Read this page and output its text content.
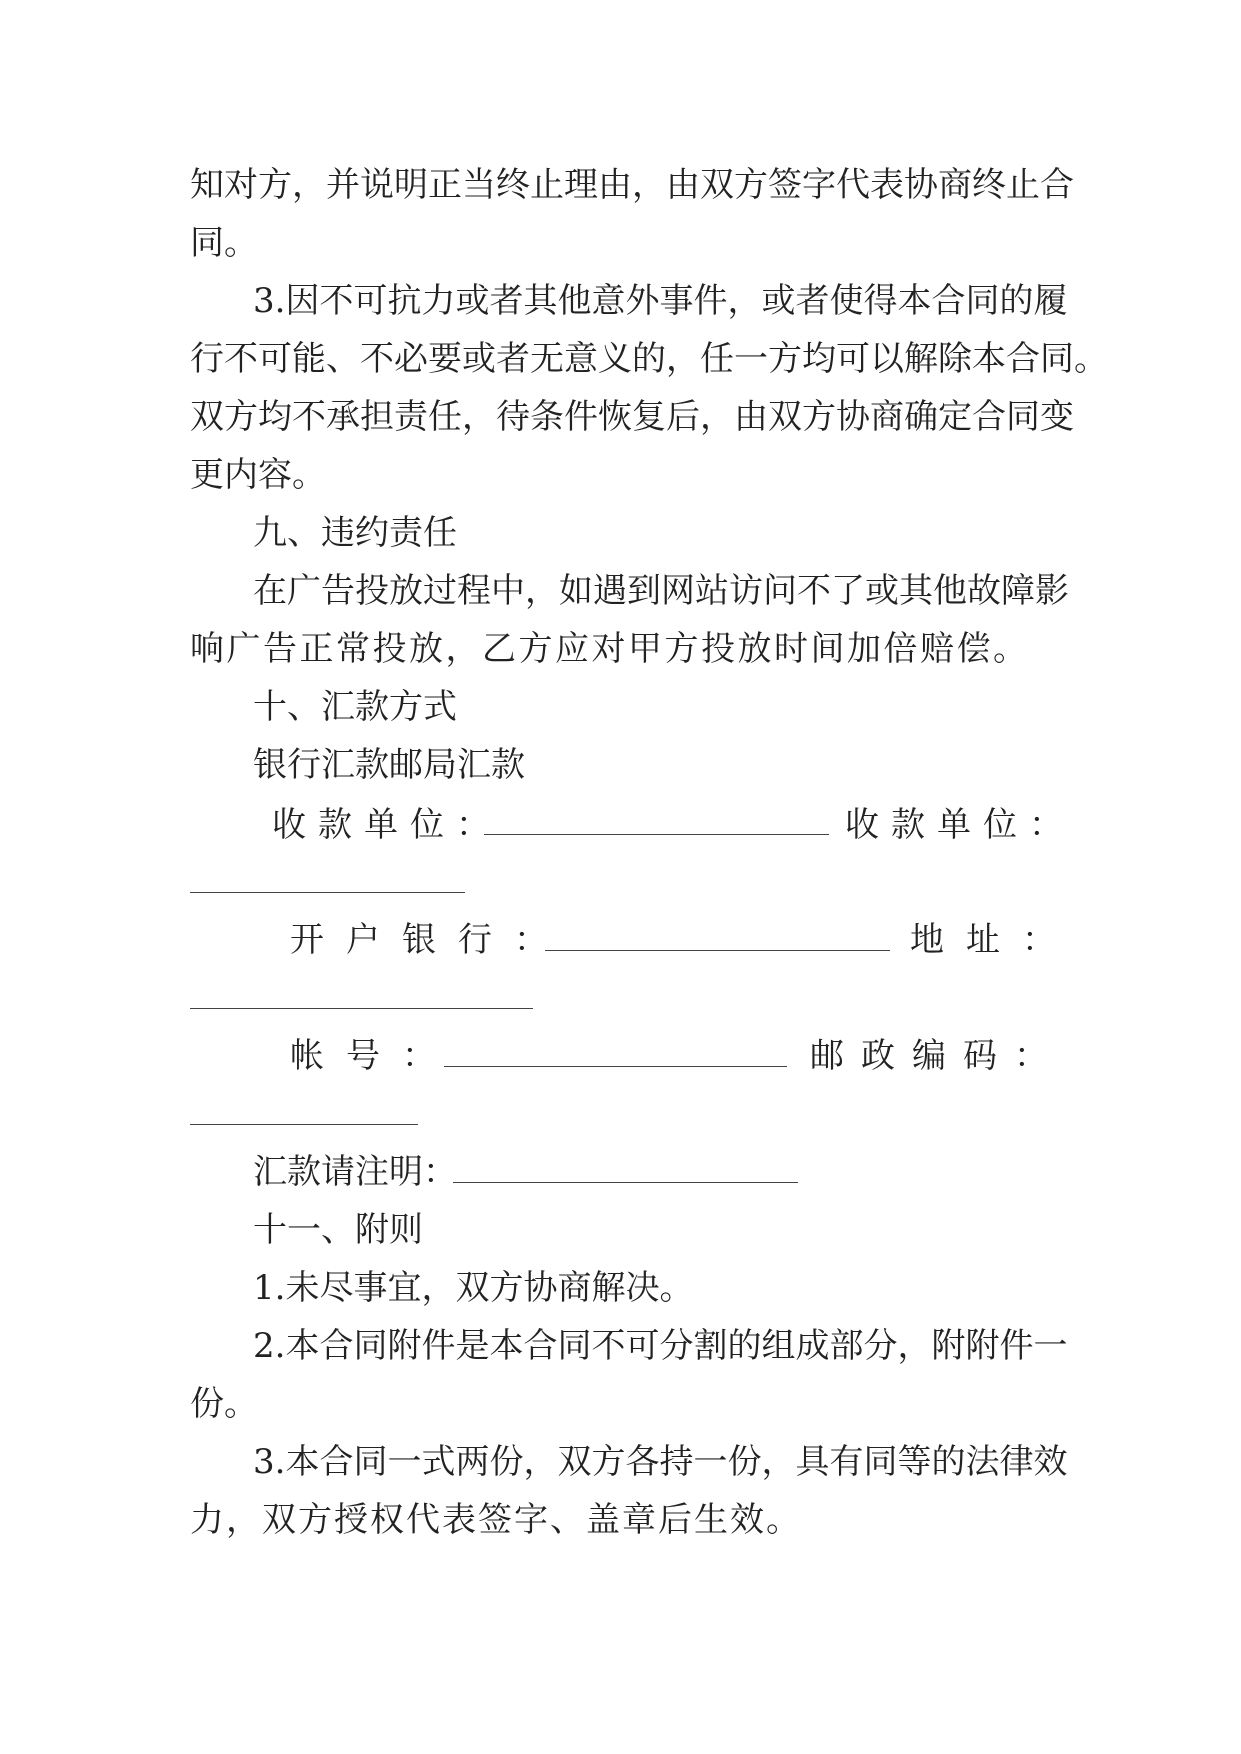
知 对 方 ， 并 说 明 正 当 终 止 理 由 ， 由 双 方 签 字 代 表 协 商 终 止 合
同。
3. 因 不 可 抗 力 或 者 其 他 意 外 事 件 ， 或 者 使 得 本 合 同 的 履
行 不 可 能 、 不 必 要 或 者 无 意 义 的 ， 任 一 方 均 可 以 解 除 本 合 同 。
双 方 均 不 承 担 责 任 ， 待 条 件 恢 复 后 ， 由 双 方 协 商 确 定 合 同 变
更内容。
九、违约责任
在 广 告 投 放 过 程 中 ， 如 遇 到 网 站 访 问 不 了 或 其 他 故 障 影
响广告正常投放，乙方应对甲方投放时间加倍赔偿。
十、汇款方式
银行汇款邮局汇款
收款单位：	收款单位：
开户银行：	地址：
帐号：	邮政编码：
汇款请注明：
十一、附则
1.未尽事宜，双方协商解决。
2. 本 合 同 附 件 是 本 合 同 不 可 分 割 的 组 成 部 分 ， 附 附 件 一
份。
3. 本 合 同 一 式 两 份 ， 双 方 各 持 一 份 ， 具 有 同 等 的 法 律 效
力，双方授权代表签字、盖章后生效。
